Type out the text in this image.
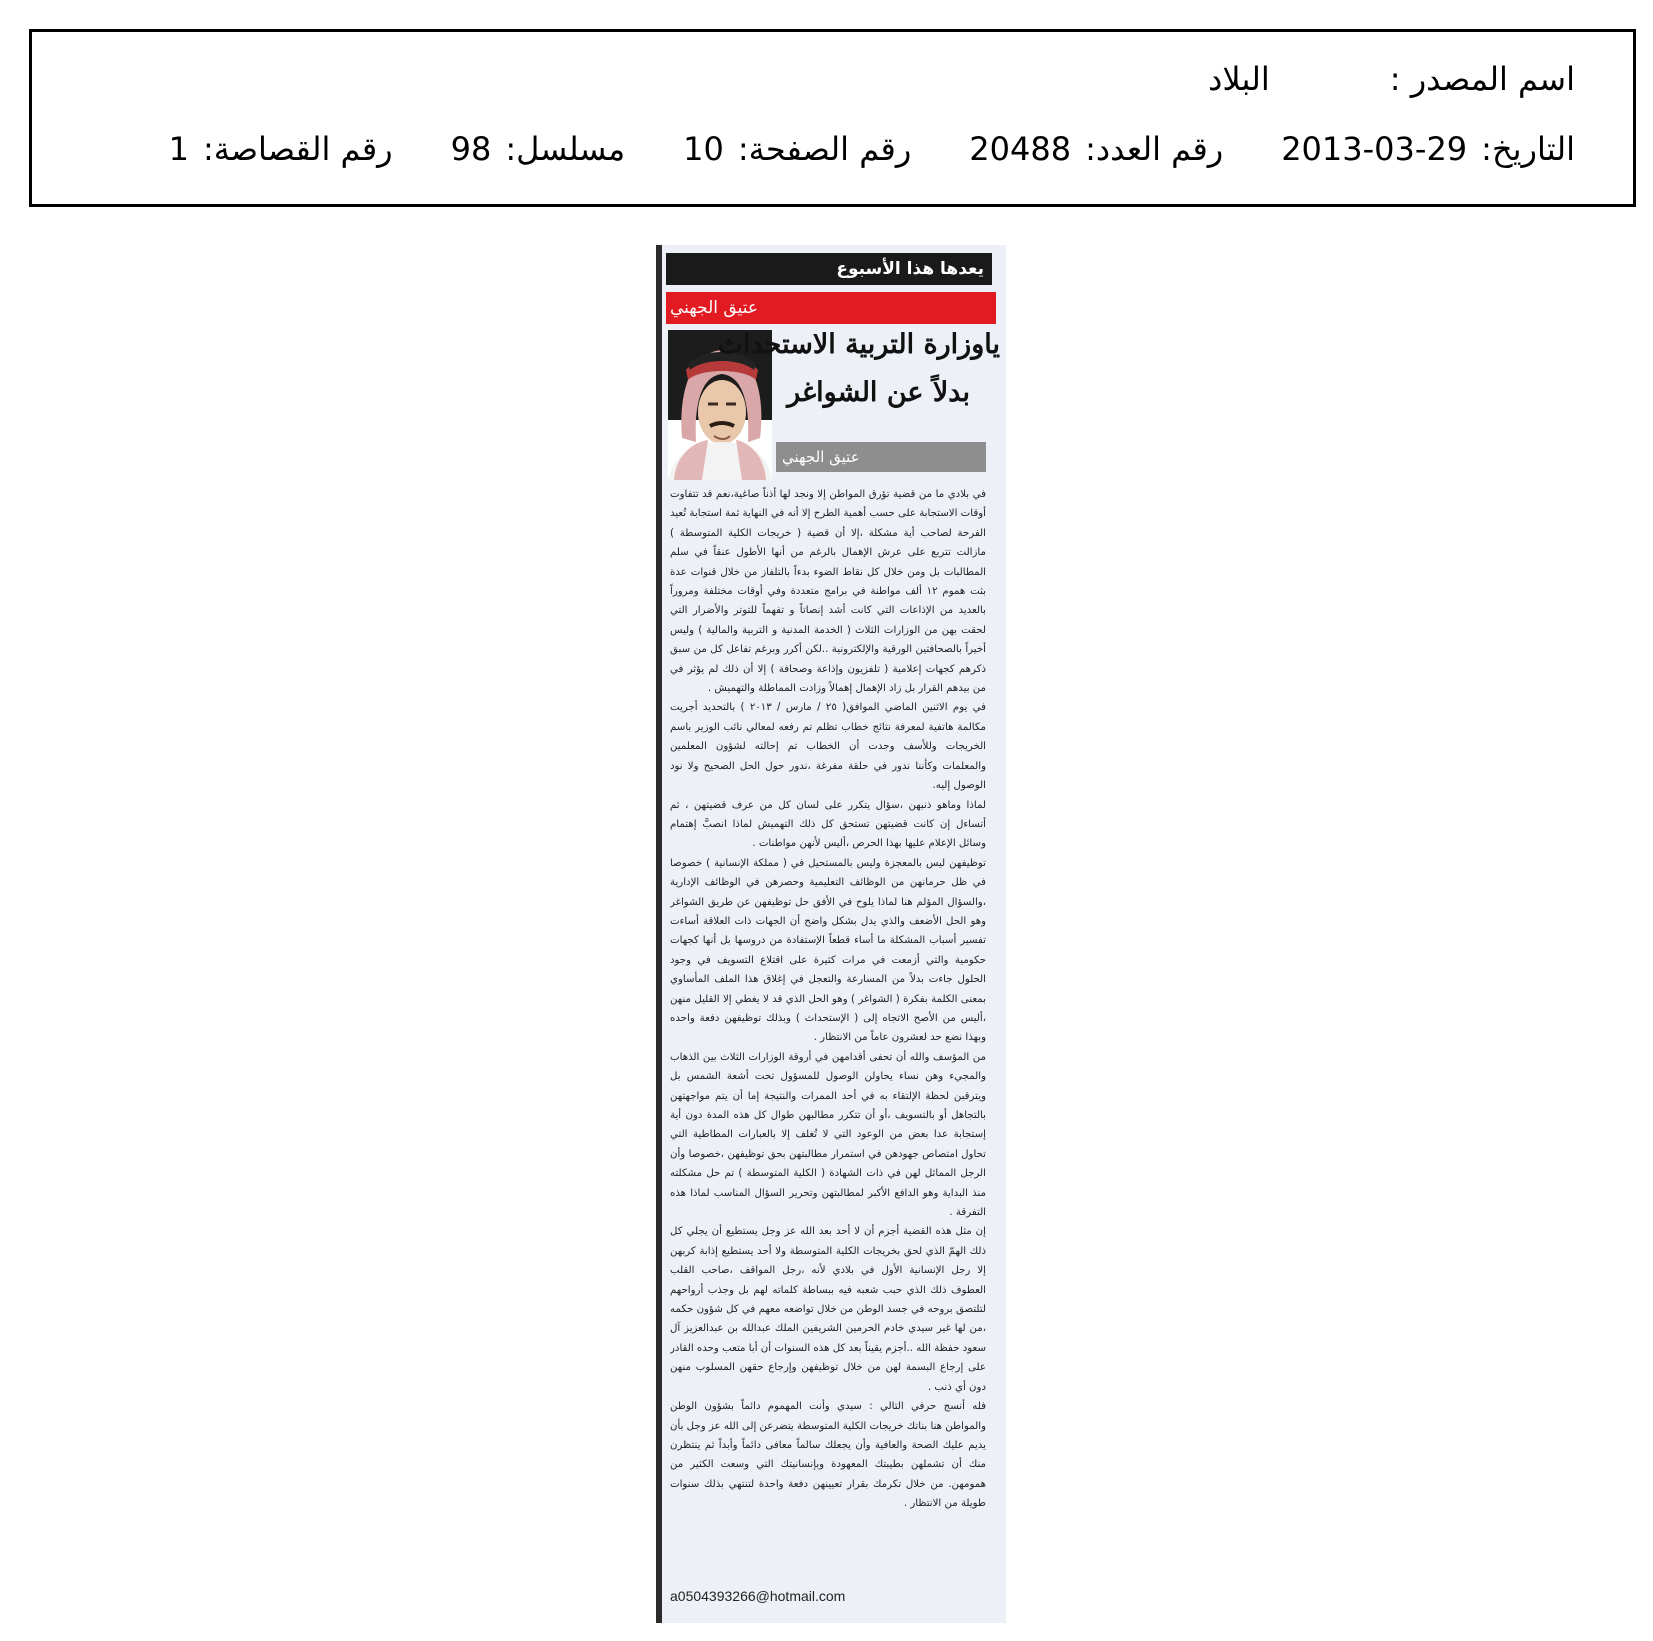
اسم المصدر :
البلاد
التاريخ:
2013-03-29
رقم العدد:
20488
رقم الصفحة:
10
مسلسل:
98
رقم القصاصة:
1
يعدها هذا الأسبوع
عتيق الجهني
ياوزارة التربية الاستحداث
بدلاً عن الشواغر
عتيق الجهني

في بلادي ما من قضية تؤرق المواطن إلا ونجد لها أذناً صاغية،نعم قد تتفاوت أوقات الاستجابة على حسب أهمية الطرح إلا أنه في النهاية ثمة استجابة تُعيد الفرحة لصاحب أية مشكلة ،إلا أن قضية ( خريجات الكلية المتوسطة ) مازالت تتربع على عرش الإهمال بالرغم من أنها الأطول عنقاً في سلم المطالبات بل ومن خلال كل نقاط الضوء بدءاً بالتلفاز من خلال قنوات عدة بثت هموم ١٢ ألف مواطنة في برامج متعددة وفي أوقات مختلفة ومروراً بالعديد من الإذاعات التي كانت أشد إنصاتاً و تفهماً للتوتر والأضرار التي لحقت بهن من الوزارات الثلاث ( الخدمة المدنية و التربية والمالية ) وليس أخيراً بالصحافتين الورقية والإلكترونية ..لكن أكرر وبرغم تفاعل كل من سبق ذكرهم كجهات إعلامية ( تلفزيون وإذاعة وصحافة ) إلا أن ذلك لم يؤثر في من بيدهم القرار بل زاد الإهمال إهمالاً وزادت المماطلة والتهميش .

في يوم الاثنين الماضي الموافق( ٢٥ / مارس / ٢٠١٣ ) بالتحديد أجريت مكالمة هاتفية لمعرفة نتائج خطاب تظلم تم رفعه لمعالي نائب الوزير باسم الخريجات وللأسف وجدت أن الخطاب تم إحالته لشؤون المعلمين والمعلمات وكأننا ندور في حلقة مفرغة ،ندور حول الحل الصحيح ولا نود الوصول إليه.

لماذا وماهو ذنبهن ،سؤال يتكرر على لسان كل من عرف قضيتهن ، ثم أتساءل إن كانت قضيتهن تستحق كل ذلك التهميش لماذا انصبَّ إهتمام وسائل الإعلام عليها بهذا الحرص ،أليس لأنهن مواطنات .

توظيفهن ليس بالمعجزة وليس بالمستحيل في ( مملكة الإنسانية ) خصوصا في ظل حرمانهن من الوظائف التعليمية وحصرهن في الوظائف الإدارية ،والسؤال المؤلم هنا لماذا يلوح في الأفق حل توظيفهن عن طريق الشواغر وهو الحل الأضعف والذي يدل بشكل واضح أن الجهات ذات العلاقة أساءت تفسير أسباب المشكلة ما أساء قطعاً الإستفادة من دروسها بل أنها كجهات حكومية والتي أزمعت في مرات كثيرة على اقتلاع التسويف في وجود الحلول جاءت بدلاً من المسارعة والتعجل في إغلاق هذا الملف المأساوي بمعنى الكلمة بفكرة ( الشواغر ) وهو الحل الذي قد لا يغطي إلا القليل منهن ،أليس من الأصح الاتجاه إلى ( الإستحداث ) وبذلك توظيفهن دفعة واحده وبهذا نضع حد لعشرون عاماً من الانتظار .

من المؤسف والله أن تحفى أقدامهن في أروقة الوزارات الثلاث بين الذهاب والمجيء وهن نساء يحاولن الوصول للمسؤول تحت أشعة الشمس بل ويترقبن لحظة الإلتقاء به في أحد الممرات والنتيجة إما أن يتم مواجهتهن بالتجاهل أو بالتسويف ،أو أن تتكرر مطالبهن طوال كل هذه المدة دون أية إستجابة عدا بعض من الوعود التي لا تُغلف إلا بالعبارات المطاطية التي تحاول امتصاص جهودهن في استمرار مطالبتهن بحق توظيفهن ،خصوصا وأن الرجل المماثل لهن في ذات الشهادة ( الكلية المتوسطة ) تم حل مشكلته منذ البداية وهو الدافع الأكبر لمطالبتهن وتحرير السؤال المناسب لماذا هذه التفرقة .

إن مثل هذه القضية أجزم أن لا أحد بعد الله عز وجل يستطيع أن يجلي كل ذلك الهمّ الذي لحق بخريجات الكلية المتوسطة ولا أحد يستطيع إذابة كربهن إلا رجل الإنسانية الأول في بلادي لأنه ،رجل المواقف ،صاحب القلب العطوف ذلك الذي حبب شعبه فيه ببساطة كلماته لهم بل وجذب أرواحهم لتلتصق بروحه في جسد الوطن من خلال تواضعه معهم في كل شؤون حكمه ،من لها غير سيدي خادم الحرمين الشريفين الملك عبدالله بن عبدالعزيز آل سعود حفظة الله ..أجزم يقيناً بعد كل هذه السنوات أن أبا متعب وحده القادر على إرجاع البسمة لهن من خلال توظيفهن وإرجاع حقهن المسلوب منهن دون أي ذنب .

فله أنسج حرفي التالي : سيدي وأنت المهموم دائماً بشؤون الوطن والمواطن هنا بناتك خريجات الكلية المتوسطة يتضرعن إلى الله عز وجل بأن يديم عليك الصحة والعافية وأن يجعلك سالماً معافى دائماً وأبداً ثم ينتظرن منك أن تشملهن بطيبتك المعهودة وبإنسانيتك التي وسعت الكثير من همومهن. من خلال تكرمك بقرار تعيينهن دفعة واحدة لتنتهي بذلك سنوات طويلة من الانتظار .

a0504393266@hotmail.com
